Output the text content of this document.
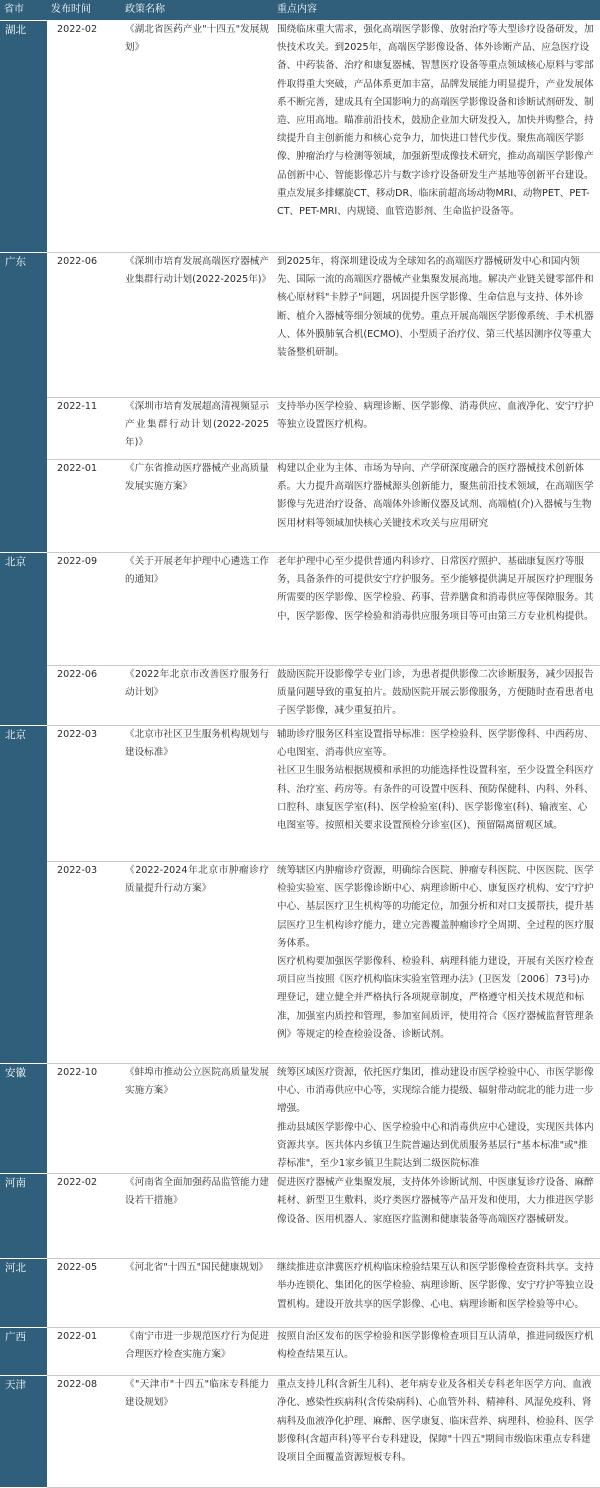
省市	发布时间	政策名称	重点内容
湖北	2022-02	《湖北省医药产业"十四五"发展规划》	围绕临床重大需求，强化高端医学影像、放射治疗等大型诊疗设备研发，加快技术攻关。到2025年，高端医学影像设备、体外诊断产品、应急医疗设备、中药装备、治疗和康复器械、智慧医疗设备等重点领域核心原料与零部件取得重大突破，产品体系更加丰富，品牌发展能力明显提升，产业发展体系不断完善，建成具有全国影响力的高端医学影像设备和诊断试剂研发、制造、应用高地。瞄准前沿技术，鼓励企业加大研发投入，加快并购整合，持续提升自主创新能力和核心竞争力，加快进口替代步伐。聚焦高端医学影像、肿瘤治疗与检测等领域，加强新型成像技术研究，推动高端医学影像产品创新中心、智能影像芯片与数字诊疗设备研发生产基地等创新平台建设。重点发展多排螺旋CT、移动DR、临床前超高场动物MRI、动物PET、PET-CT、PET-MRI、内规镜、血管造影剂、生命监护设备等。

广东	2022-06	《深圳市培育发展高端医疗器械产业集群行动计划(2022-2025年)》	到2025年，将深圳建设成为全球知名的高端医疗器械研发中心和国内领先、国际一流的高端医疗器械产业集聚发展高地。解决产业链关键零部件和核心原材料"卡脖子"问题，巩固提升医学影像、生命信息与支持、体外诊断、植介入器械等细分领域的优势。重点开展高端医学影像系统、手术机器人、体外膜肺氧合机(ECMO)、小型质子治疗仪、第三代基因测序仪等重大装备整机研制。

	2022-11	《深圳市培育发展超高清视频显示产业集群行动计划(2022-2025年)》	支持举办医学检验、病理诊断、医学影像、消毒供应、血液净化、安宁疗护等独立设置医疗机构。

	2022-01	《广东省推动医疗器械产业高质量发展实施方案》	构建以企业为主体、市场为导向、产学研深度融合的医疗器械技术创新体系。大力提升高端医疗器械源头创新能力，聚焦前沿技术领域，在高端医学影像与先进治疗设备、高端体外诊断仪器及试剂、高端植(介)入器械与生物医用材料等领域加快核心关键技术攻关与应用研究

北京	2022-09	《关于开展老年护理中心遴选工作的通知》	老年护理中心至少提供普通内科诊疗、日常医疗照护、基础康复医疗等服务，具备条件的可提供安宁疗护服务。至少能够提供满足开展医疗护理服务所需要的医学影像、医学检验、药事、营养膳食和消毒供应等保障服务。其中，医学影像、医学检验和消毒供应服务项目等可由第三方专业机构提供。

	2022-06	《2022年北京市改善医疗服务行动计划》	鼓励医院开设影像学专业门诊，为患者提供影像二次诊断服务，减少因报告质量问题导致的重复拍片。鼓励医院开展云影像服务，方便随时查看患者电子医学影像，减少重复拍片。

北京	2022-03	《北京市社区卫生服务机构规划与建设标准》	辅助诊疗服务区科室设置指导标准：医学检验科、医学影像科、中西药房、心电图室、消毒供应室等。
社区卫生服务站根据规模和承担的功能选择性设置科室，至少设置全科医疗科、治疗室、药房等。有条件的可设置中医科、预防保健科、内科、外科、口腔科、康复医学室(科)、医学检验室(科)、医学影像室(科)、输液室、心电图室等。按照相关要求设置预检分诊室(区)、预留隔离留观区域。

	2022-03	《2022-2024年北京市肿瘤诊疗质量提升行动方案》	统筹辖区内肿瘤诊疗资源，明确综合医院、肿瘤专科医院、中医医院、医学检验实验室、医学影像诊断中心、病理诊断中心、康复医疗机构、安宁疗护中心、基层医疗卫生机构等的功能定位，加强分析和对口支援帮扶，提升基层医疗卫生机构诊疗能力，建立完善覆盖肿瘤诊疗全周期、全过程的医疗服务体系。
医疗机构要加强医学影像科、检验科、病理科能力建设，开展有关医疗检查项目应当按照《医疗机构临床实验室管理办法》(卫医发〔2006〕73号)办理登记，建立健全并严格执行各项规章制度，严格遵守相关技术规范和标准，加强室内质控和管理，参加室间质评，使用符合《医疗器械监督管理条例》等规定的检查检验设备、诊断试剂。

安徽	2022-10	《蚌埠市推动公立医院高质量发展实施方案》	统筹区域医疗资源，依托医疗集团，推动建设市医学检验中心、市医学影像中心、市消毒供应中心等，实现综合能力提级、辐射带动皖北的能力进一步增强。
推动县域医学影像中心、医学检验中心和消毒供应中心建设，实现医共体内资源共享。医共体内乡镇卫生院普遍达到优质服务基层行"基本标准"或"推荐标准"，至少1家乡镇卫生院达到二级医院标准

河南	2022-02	《河南省全面加强药品监管能力建设若干措施》	促进医疗器械产业集聚发展，支持体外诊断试剂、中医康复诊疗设备、麻醉耗材、新型卫生敷料、炎疗类医疗器械等产品开发和使用，大力推进医学影像设备、医用机器人、家庭医疗监测和健康装备等高端医疗器械研发。

河北	2022-05	《河北省"十四五"国民健康规划》	继续推进京津冀医疗机构临床检验结果互认和医学影像检查资料共享。支持举办连锁化、集团化的医学检验、病理诊断、医学影像、安宁疗护等独立设置机构。建设开放共享的医学影像、心电、病理诊断和医学检验等中心。

广西	2022-01	《南宁市进一步规范医疗行为促进合理医疗检查实施方案》	按照自治区发布的医学检验和医学影像检查项目互认清单，推进同级医疗机构检查结果互认。

天津	2022-08	《"天津市"十四五"临床专科能力建设规划》	重点支持儿科(含新生儿科)、老年病专业及各相关专科老年医学方向、血液净化、感染性疾病科(含传染病科)、心血管外科、精神科、风湿免疫科、肾病科及血液净化护理、麻醉、医学康复、临床营养、病理科、检验科、医学影像科(含超声科)等平台专科建设，保障"十四五"期间市级临床重点专科建设项目全面覆盖资源短板专科。
